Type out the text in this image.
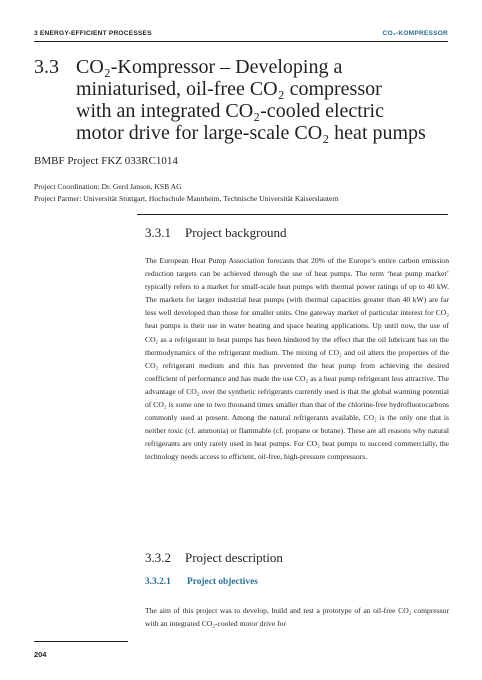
3 ENERGY-EFFICIENT PROCESSES	CO₂-KOMPRESSOR
3.3 CO₂-Kompressor – Developing a
miniaturised, oil-free CO₂ compressor
with an integrated CO₂-cooled electric
motor drive for large-scale CO₂ heat pumps
BMBF Project FKZ 033RC1014
Project Coordination: Dr. Gerd Janson, KSB AG
Project Partner: Universität Stuttgart, Hochschule Mannheim, Technische Universität Kaiserslautern
3.3.1 Project background

The European Heat Pump Association forecasts that 20% of the Europe’s entire carbon emission reduction targets can be achieved through the use of heat pumps. The term ‘heat pump market’ typically refers to a market for small-scale heat pumps with thermal power ratings of up to 40 kW. The markets for larger industrial heat pumps (with thermal capacities greater than 40 kW) are far less well developed than those for smaller units. One gateway market of particular interest for CO₂ heat pumps is their use in water heating and space heating applications. Up until now, the use of CO₂ as a refrigerant in heat pumps has been hindered by the effect that the oil lubricant has on the thermodynamics of the refrigerant medium. The mixing of CO₂ and oil alters the properties of the CO₂ refrigerant medium and this has prevented the heat pump from achieving the desired coefficient of performance and has made the use CO₂ as a heat pump refrigerant less attractive. The advantage of CO₂ over the synthetic refrigerants currently used is that the global warming potential of CO₂ is some one to two thousand times smaller than that of the chlorine-free hydrofluorocarbons commonly used at present. Among the natural refrigerants available, CO₂ is the only one that is neither toxic (cf. ammonia) or flammable (cf. propane or butane). These are all reasons why natural refrigerants are only rarely used in heat pumps. For CO₂ heat pumps to succeed commercially, the technology needs access to efficient, oil-free, high-pressure compressors.

3.3.2 Project description
3.3.2.1 Project objectives

The aim of this project was to develop, build and test a prototype of an oil-free CO₂ compressor with an integrated CO₂-cooled motor drive for

204
